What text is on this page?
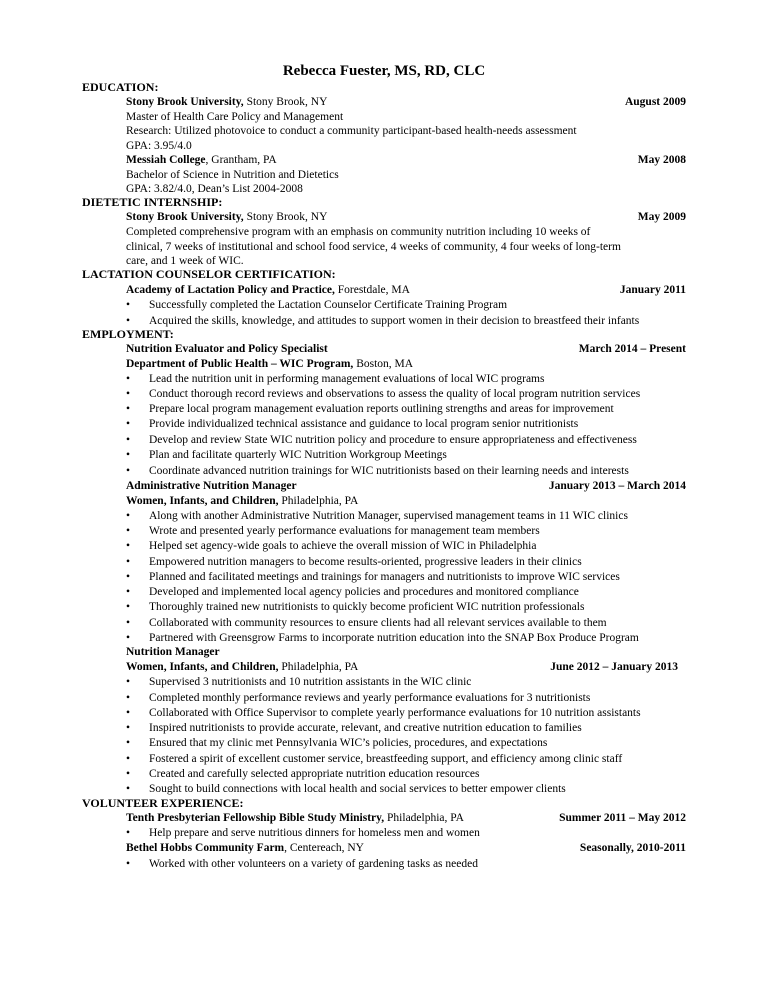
Rebecca Fuester, MS, RD, CLC
EDUCATION:
Stony Brook University, Stony Brook, NY	August 2009
Master of Health Care Policy and Management
Research: Utilized photovoice to conduct a community participant-based health-needs assessment
GPA: 3.95/4.0
Messiah College, Grantham, PA	May 2008
Bachelor of Science in Nutrition and Dietetics
GPA: 3.82/4.0, Dean’s List 2004-2008
DIETETIC INTERNSHIP:
Stony Brook University, Stony Brook, NY	May 2009
Completed comprehensive program with an emphasis on community nutrition including 10 weeks of
clinical, 7 weeks of institutional and school food service, 4 weeks of community, 4 four weeks of long-term
care, and 1 week of WIC.
LACTATION COUNSELOR CERTIFICATION:
Academy of Lactation Policy and Practice, Forestdale, MA	January 2011
• Successfully completed the Lactation Counselor Certificate Training Program
• Acquired the skills, knowledge, and attitudes to support women in their decision to breastfeed their infants
EMPLOYMENT:
Nutrition Evaluator and Policy Specialist	March 2014 – Present
Department of Public Health – WIC Program, Boston, MA
• Lead the nutrition unit in performing management evaluations of local WIC programs
• Conduct thorough record reviews and observations to assess the quality of local program nutrition services
• Prepare local program management evaluation reports outlining strengths and areas for improvement
• Provide individualized technical assistance and guidance to local program senior nutritionists
• Develop and review State WIC nutrition policy and procedure to ensure appropriateness and effectiveness
• Plan and facilitate quarterly WIC Nutrition Workgroup Meetings
• Coordinate advanced nutrition trainings for WIC nutritionists based on their learning needs and interests
Administrative Nutrition Manager	January 2013 – March 2014
Women, Infants, and Children, Philadelphia, PA
• Along with another Administrative Nutrition Manager, supervised management teams in 11 WIC clinics
• Wrote and presented yearly performance evaluations for management team members
• Helped set agency-wide goals to achieve the overall mission of WIC in Philadelphia
• Empowered nutrition managers to become results-oriented, progressive leaders in their clinics
• Planned and facilitated meetings and trainings for managers and nutritionists to improve WIC services
• Developed and implemented local agency policies and procedures and monitored compliance
• Thoroughly trained new nutritionists to quickly become proficient WIC nutrition professionals
• Collaborated with community resources to ensure clients had all relevant services available to them
• Partnered with Greensgrow Farms to incorporate nutrition education into the SNAP Box Produce Program
Nutrition Manager
Women, Infants, and Children, Philadelphia, PA	June 2012 – January 2013
• Supervised 3 nutritionists and 10 nutrition assistants in the WIC clinic
• Completed monthly performance reviews and yearly performance evaluations for 3 nutritionists
• Collaborated with Office Supervisor to complete yearly performance evaluations for 10 nutrition assistants
• Inspired nutritionists to provide accurate, relevant, and creative nutrition education to families
• Ensured that my clinic met Pennsylvania WIC’s policies, procedures, and expectations
• Fostered a spirit of excellent customer service, breastfeeding support, and efficiency among clinic staff
• Created and carefully selected appropriate nutrition education resources
• Sought to build connections with local health and social services to better empower clients
VOLUNTEER EXPERIENCE:
Tenth Presbyterian Fellowship Bible Study Ministry, Philadelphia, PA	Summer 2011 – May 2012
• Help prepare and serve nutritious dinners for homeless men and women
Bethel Hobbs Community Farm, Centereach, NY	Seasonally, 2010-2011
• Worked with other volunteers on a variety of gardening tasks as needed
